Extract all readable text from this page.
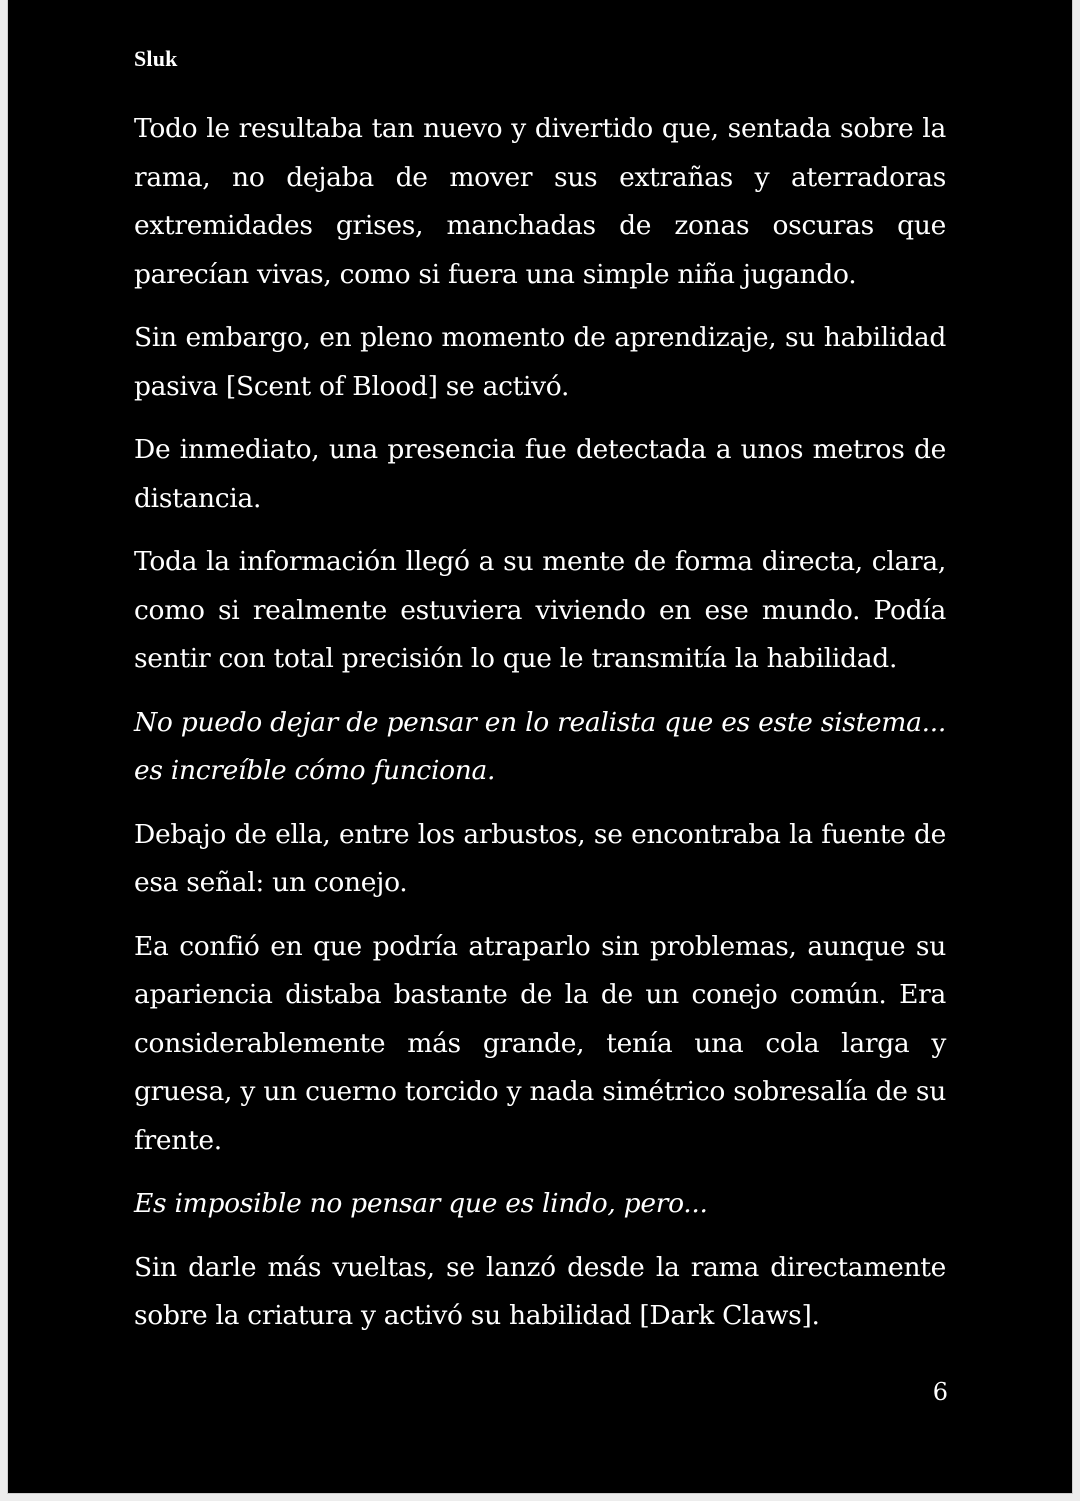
Sluk

Todo le resultaba tan nuevo y divertido que, sentada sobre la rama, no dejaba de mover sus extrañas y aterradoras extremidades grises, manchadas de zonas oscuras que parecían vivas, como si fuera una simple niña jugando.

Sin embargo, en pleno momento de aprendizaje, su habilidad pasiva [Scent of Blood] se activó.

De inmediato, una presencia fue detectada a unos metros de distancia.

Toda la información llegó a su mente de forma directa, clara, como si realmente estuviera viviendo en ese mundo. Podía sentir con total precisión lo que le transmitía la habilidad.

No puedo dejar de pensar en lo realista que es este sistema... es increíble cómo funciona.

Debajo de ella, entre los arbustos, se encontraba la fuente de esa señal: un conejo.

Ea confió en que podría atraparlo sin problemas, aunque su apariencia distaba bastante de la de un conejo común. Era considerablemente más grande, tenía una cola larga y gruesa, y un cuerno torcido y nada simétrico sobresalía de su frente.

Es imposible no pensar que es lindo, pero...

Sin darle más vueltas, se lanzó desde la rama directamente sobre la criatura y activó su habilidad [Dark Claws].

6
